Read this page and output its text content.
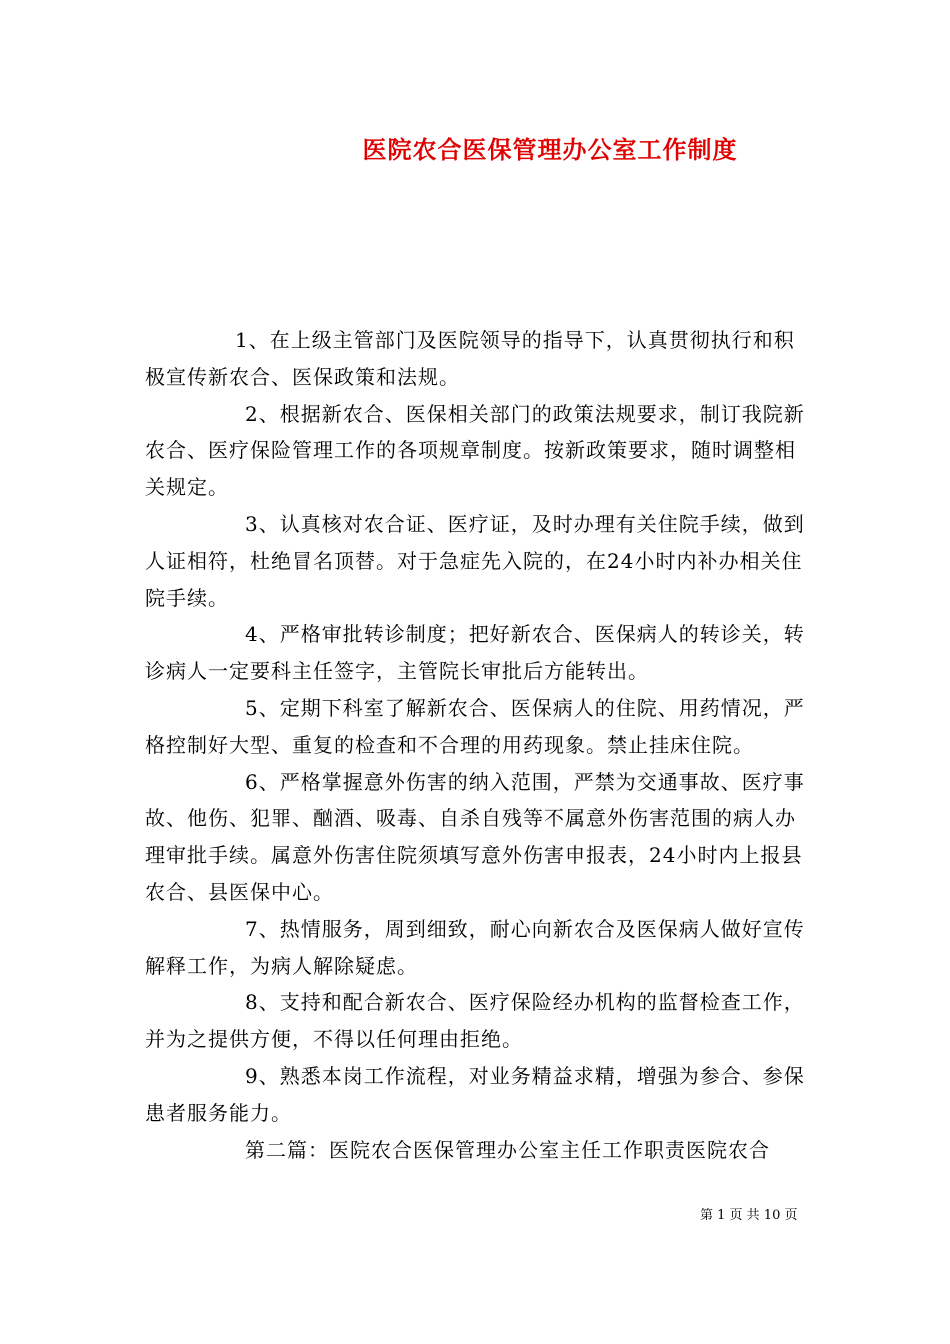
医院农合医保管理办公室工作制度

1、在上级主管部门及医院领导的指导下，认真贯彻执行和积极宣传新农合、医保政策和法规。

2、根据新农合、医保相关部门的政策法规要求，制订我院新农合、医疗保险管理工作的各项规章制度。按新政策要求，随时调整相关规定。

3、认真核对农合证、医疗证，及时办理有关住院手续，做到人证相符，杜绝冒名顶替。对于急症先入院的，在24小时内补办相关住院手续。

4、严格审批转诊制度；把好新农合、医保病人的转诊关，转诊病人一定要科主任签字，主管院长审批后方能转出。

5、定期下科室了解新农合、医保病人的住院、用药情况，严格控制好大型、重复的检查和不合理的用药现象。禁止挂床住院。

6、严格掌握意外伤害的纳入范围，严禁为交通事故、医疗事故、他伤、犯罪、酗酒、吸毒、自杀自残等不属意外伤害范围的病人办理审批手续。属意外伤害住院须填写意外伤害申报表，24小时内上报县农合、县医保中心。

7、热情服务，周到细致，耐心向新农合及医保病人做好宣传解释工作，为病人解除疑虑。

8、支持和配合新农合、医疗保险经办机构的监督检查工作，并为之提供方便，不得以任何理由拒绝。

9、熟悉本岗工作流程，对业务精益求精，增强为参合、参保患者服务能力。

第二篇：医院农合医保管理办公室主任工作职责医院农合

第 1 页 共 10 页
